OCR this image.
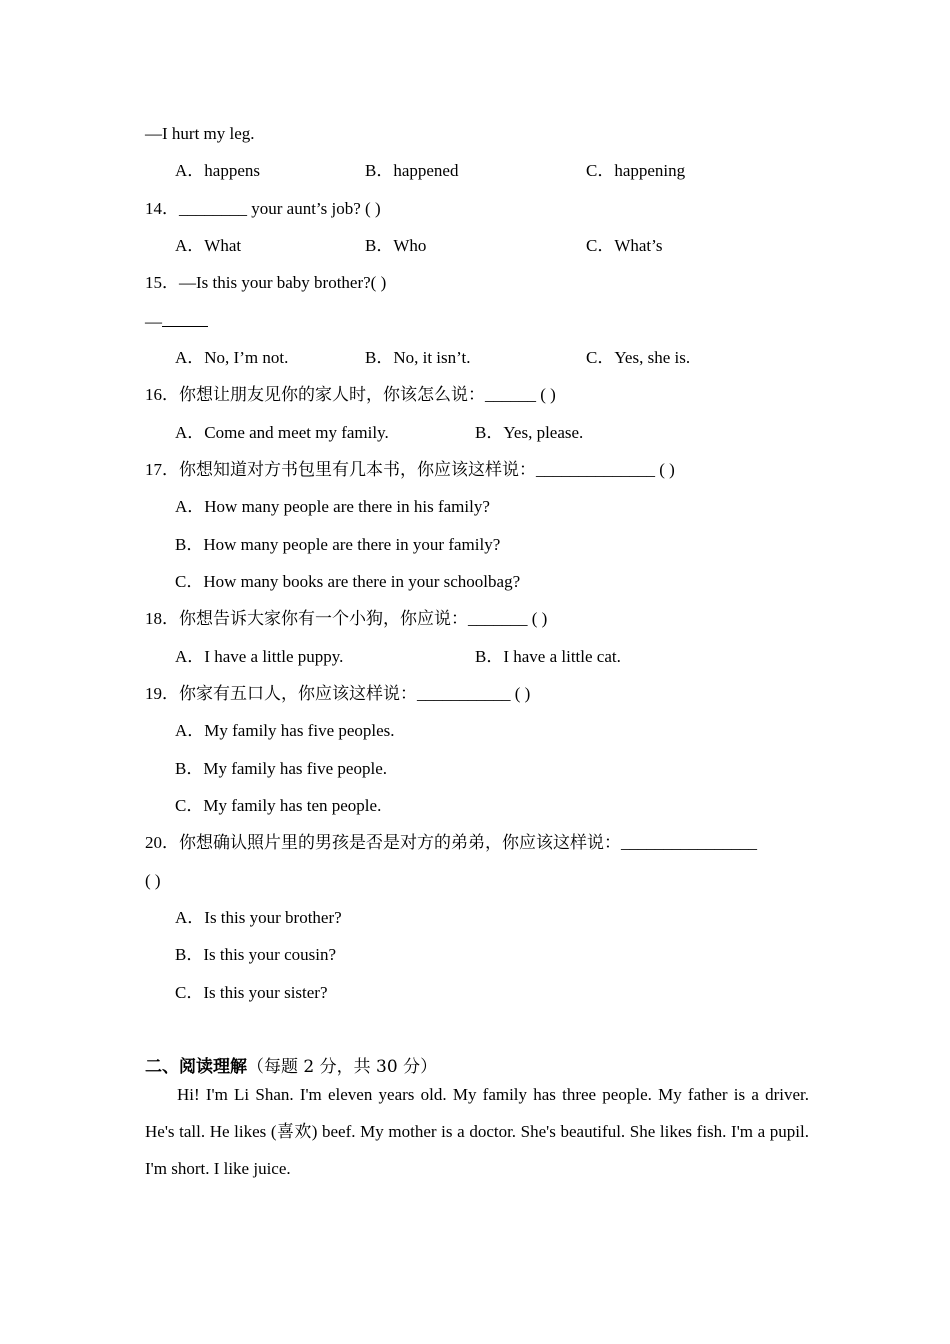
—I hurt my leg.
A．happens	B．happened	C．happening
14．________ your aunt’s job? ( )
A．What	B．Who	C．What’s
15．—Is this your baby brother?( )
—
A．No, I’m not.	B．No, it isn’t.	C．Yes, she is.
16．你想让朋友见你的家人时，你该怎么说：______ ( )
A．Come and meet my family.	B．Yes, please.
17．你想知道对方书包里有几本书，你应该这样说：______________ ( )
A．How many people are there in his family?
B．How many people are there in your family?
C．How many books are there in your schoolbag?
18．你想告诉大家你有一个小狗，你应说：_______ ( )
A．I have a little puppy.	B．I have a little cat.
19．你家有五口人，你应该这样说：___________ ( )
A．My family has five peoples.
B．My family has five people.
C．My family has ten people.
20．你想确认照片里的男孩是否是对方的弟弟，你应该这样说：________________
( )
A．Is this your brother?
B．Is this your cousin?
C．Is this your sister?
二、阅读理解（每题 2 分，共 30 分）

Hi! I'm Li Shan. I'm eleven years old. My family has three people. My father is a driver. He's tall. He likes (喜欢) beef. My mother is a doctor. She's beautiful. She likes fish. I'm a pupil. I'm short. I like juice.
